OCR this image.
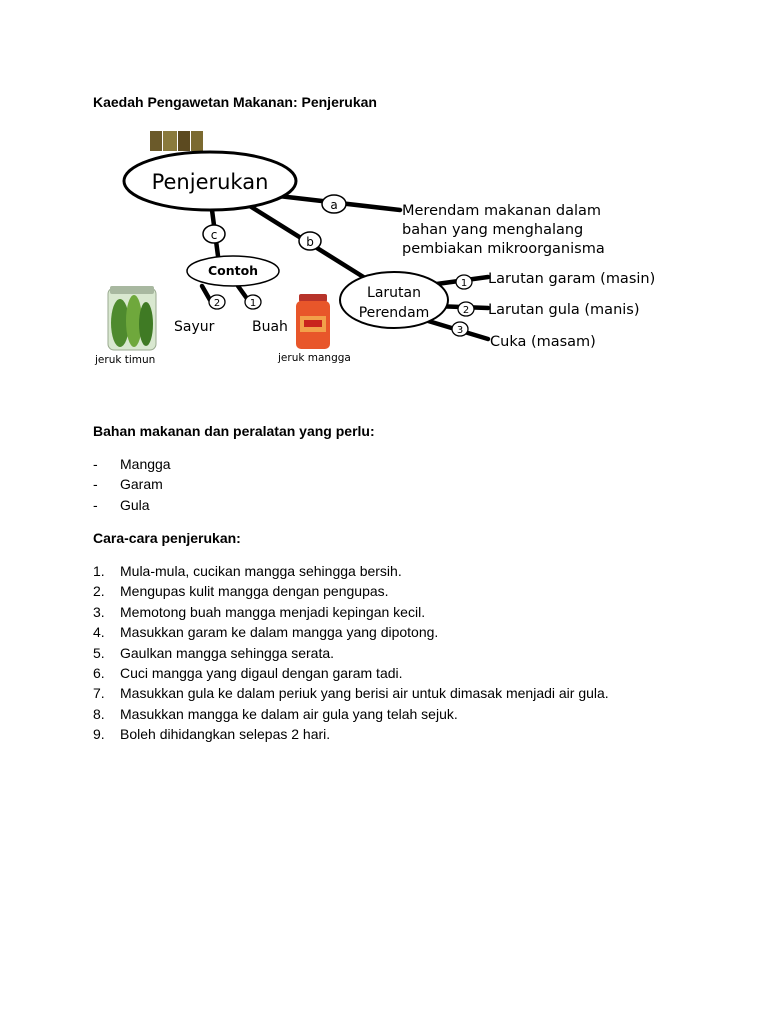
Kaedah Pengawetan Makanan: Penjerukan
Penjerukan
a
b
c
Merendam makanan dalam
bahan yang menghalang
pembiakan mikroorganisma
Contoh
2	1
Sayur	Buah
jeruk timun	jeruk mangga
Larutan
Perendam
1
2
3
Larutan garam (masin)
Larutan gula (manis)
Cuka (masam)
Bahan makanan dan peralatan yang perlu:
- Mangga
- Garam
- Gula
Cara-cara penjerukan:
1. Mula-mula, cucikan mangga sehingga bersih.
2. Mengupas kulit mangga dengan pengupas.
3. Memotong buah mangga menjadi kepingan kecil.
4. Masukkan garam ke dalam mangga yang dipotong.
5. Gaulkan mangga sehingga serata.
6. Cuci mangga yang digaul dengan garam tadi.
7. Masukkan gula ke dalam periuk yang berisi air untuk dimasak menjadi air gula.
8. Masukkan mangga ke dalam air gula yang telah sejuk.
9. Boleh dihidangkan selepas 2 hari.
